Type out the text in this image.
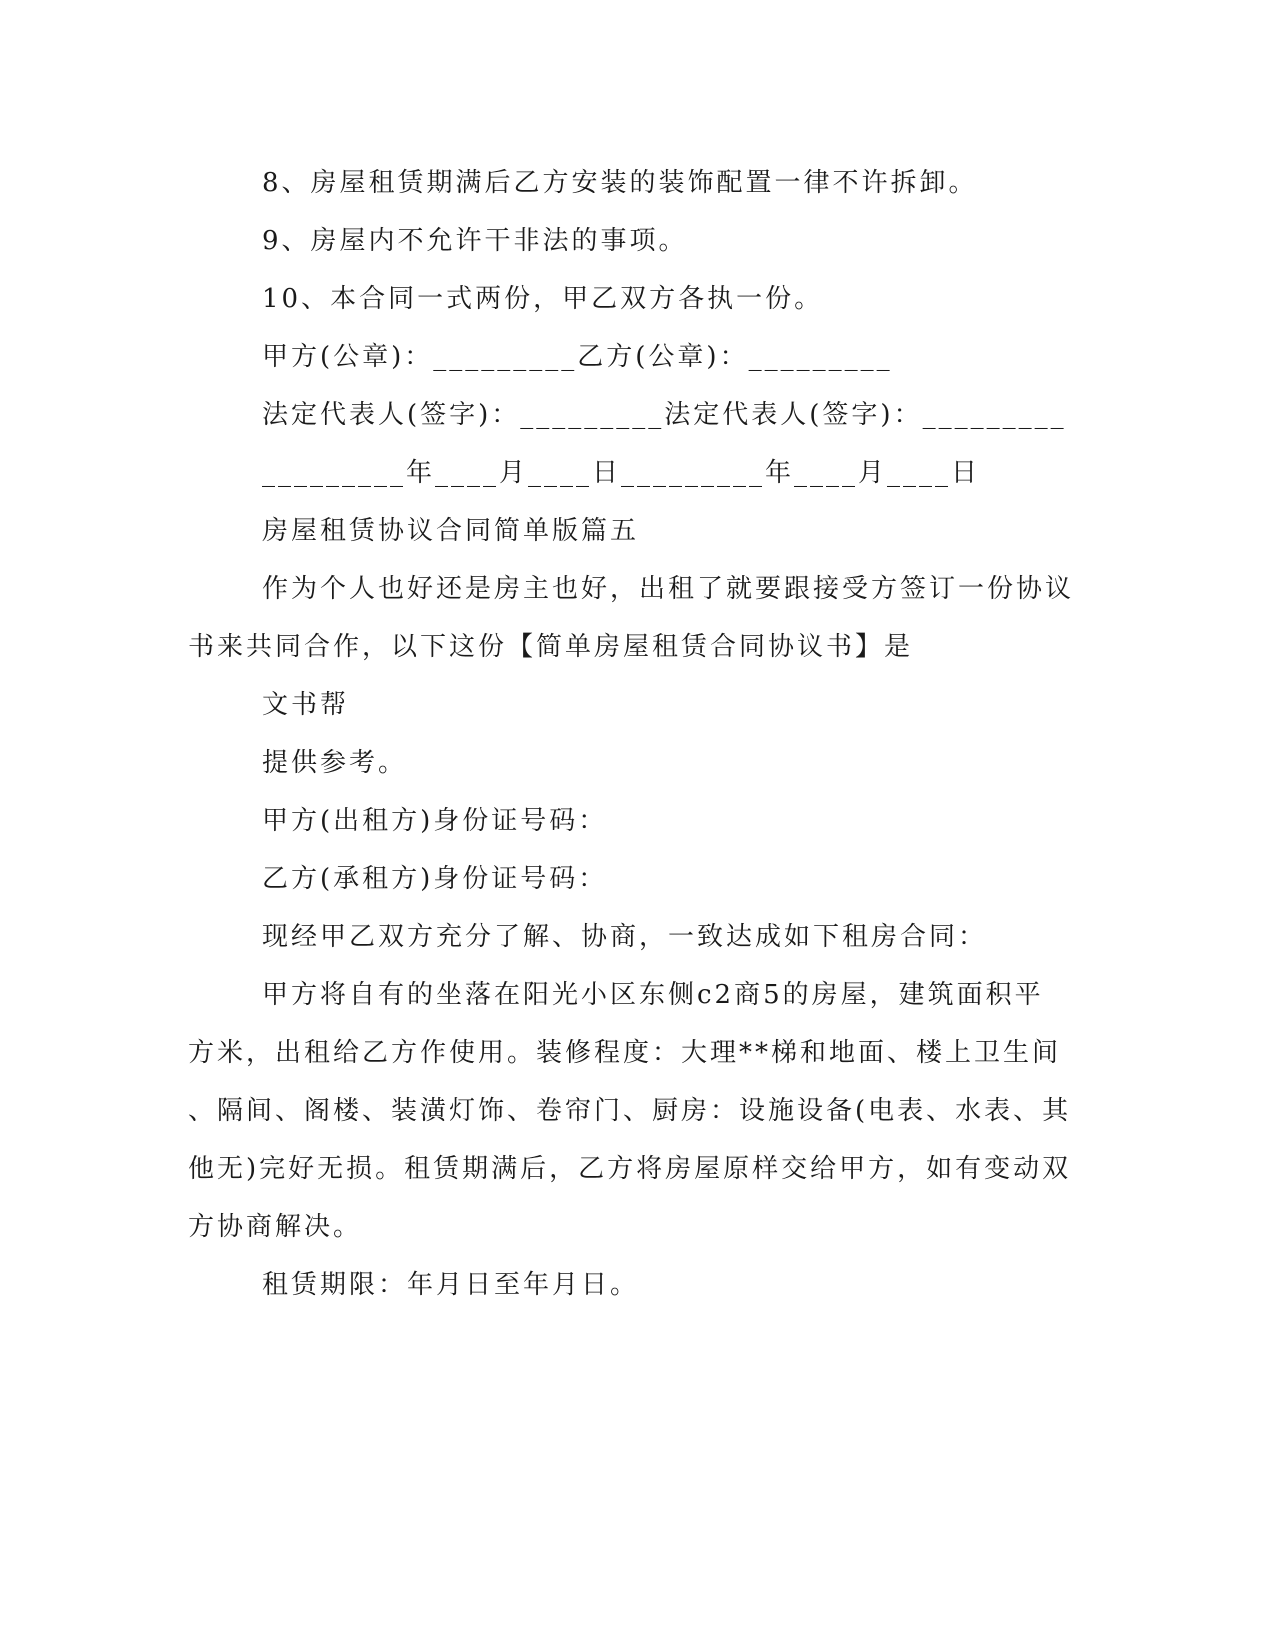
8、房屋租赁期满后乙方安装的装饰配置一律不许拆卸。
9、房屋内不允许干非法的事项。
10、本合同一式两份，甲乙双方各执一份。
甲方(公章)：_________乙方(公章)：_________
法定代表人(签字)：_________法定代表人(签字)：_________
_________年____月____日_________年____月____日
房屋租赁协议合同简单版篇五
作为个人也好还是房主也好，出租了就要跟接受方签订一份协议
书来共同合作，以下这份【简单房屋租赁合同协议书】是
文书帮
提供参考。
甲方(出租方)身份证号码：
乙方(承租方)身份证号码：
现经甲乙双方充分了解、协商，一致达成如下租房合同：
甲方将自有的坐落在阳光小区东侧c2商5的房屋，建筑面积平
方米，出租给乙方作使用。装修程度：大理**梯和地面、楼上卫生间
、隔间、阁楼、装潢灯饰、卷帘门、厨房：设施设备(电表、水表、其
他无)完好无损。租赁期满后，乙方将房屋原样交给甲方，如有变动双
方协商解决。
租赁期限：年月日至年月日。
